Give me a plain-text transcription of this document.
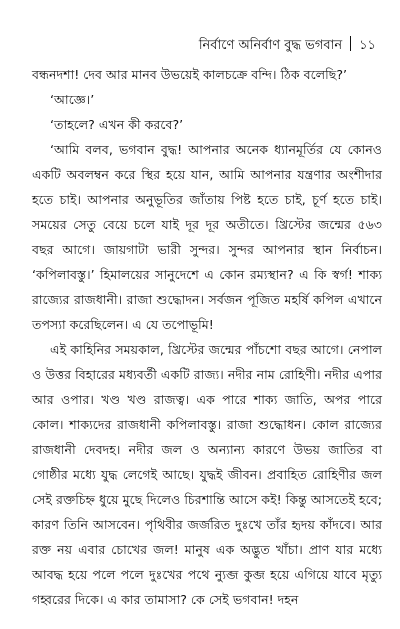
নির্বাণে অনির্বাণ বুদ্ধ ভগবান ১১

বন্ধনদশা! দেব আর মানব উভয়েই কালচক্রে বন্দি। ঠিক বলেছি?’

‘আজ্ঞে।’

‘তাহলে? এখন কী করবে?’

‘আমি বলব, ভগবান বুদ্ধ! আপনার অনেক ধ্যানমূর্তির যে কোনও একটি অবলম্বন করে স্থির হয়ে যান, আমি আপনার যন্ত্রণার অংশীদার হতে চাই। আপনার অনুভূতির জাঁতায় পিষ্ট হতে চাই, চূর্ণ হতে চাই। সময়ের সেতু বেয়ে চলে যাই দূর দূর অতীতে। খ্রিস্টের জন্মের ৫৬৩ বছর আগে। জায়গাটা ভারী সুন্দর। সুন্দর আপনার স্থান নির্বাচন। ‘কপিলাবস্তু।’ হিমালয়ের সানুদেশে এ কোন রম্যস্থান? এ কি স্বর্গ! শাক্য রাজ্যের রাজধানী। রাজা শুদ্ধোদন। সর্বজন পূজিত মহর্ষি কপিল এখানে তপস্যা করেছিলেন। এ যে তপোভূমি!

এই কাহিনির সময়কাল, খ্রিস্টের জন্মের পাঁচশো বছর আগে। নেপাল ও উত্তর বিহারের মধ্যবর্তী একটি রাজ্য। নদীর নাম রোহিণী। নদীর এপার আর ওপার। খণ্ড খণ্ড রাজত্ব। এক পারে শাক্য জাতি, অপর পারে কোল। শাক্যদের রাজধানী কপিলাবস্তু। রাজা শুদ্ধোধন। কোল রাজ্যের রাজধানী দেবদহ। নদীর জল ও অন্যান্য কারণে উভয় জাতির বা গোষ্ঠীর মধ্যে যুদ্ধ লেগেই আছে। যুদ্ধই জীবন। প্রবাহিত রোহিণীর জল সেই রক্তচিহ্ন ধুয়ে মুছে দিলেও চিরশান্তি আসে কই! কিন্তু আসতেই হবে; কারণ তিনি আসবেন। পৃথিবীর জর্জরিত দুঃখে তাঁর হৃদয় কাঁদবে। আর রক্ত নয় এবার চোখের জল! মানুষ এক অদ্ভুত খাঁচা। প্রাণ যার মধ্যে আবদ্ধ হয়ে পলে পলে দুঃখের পথে ন্যুব্জ কুব্জ হয়ে এগিয়ে যাবে মৃত্যু গহ্বরের দিকে। এ কার তামাসা? কে সেই ভগবান! দহন
